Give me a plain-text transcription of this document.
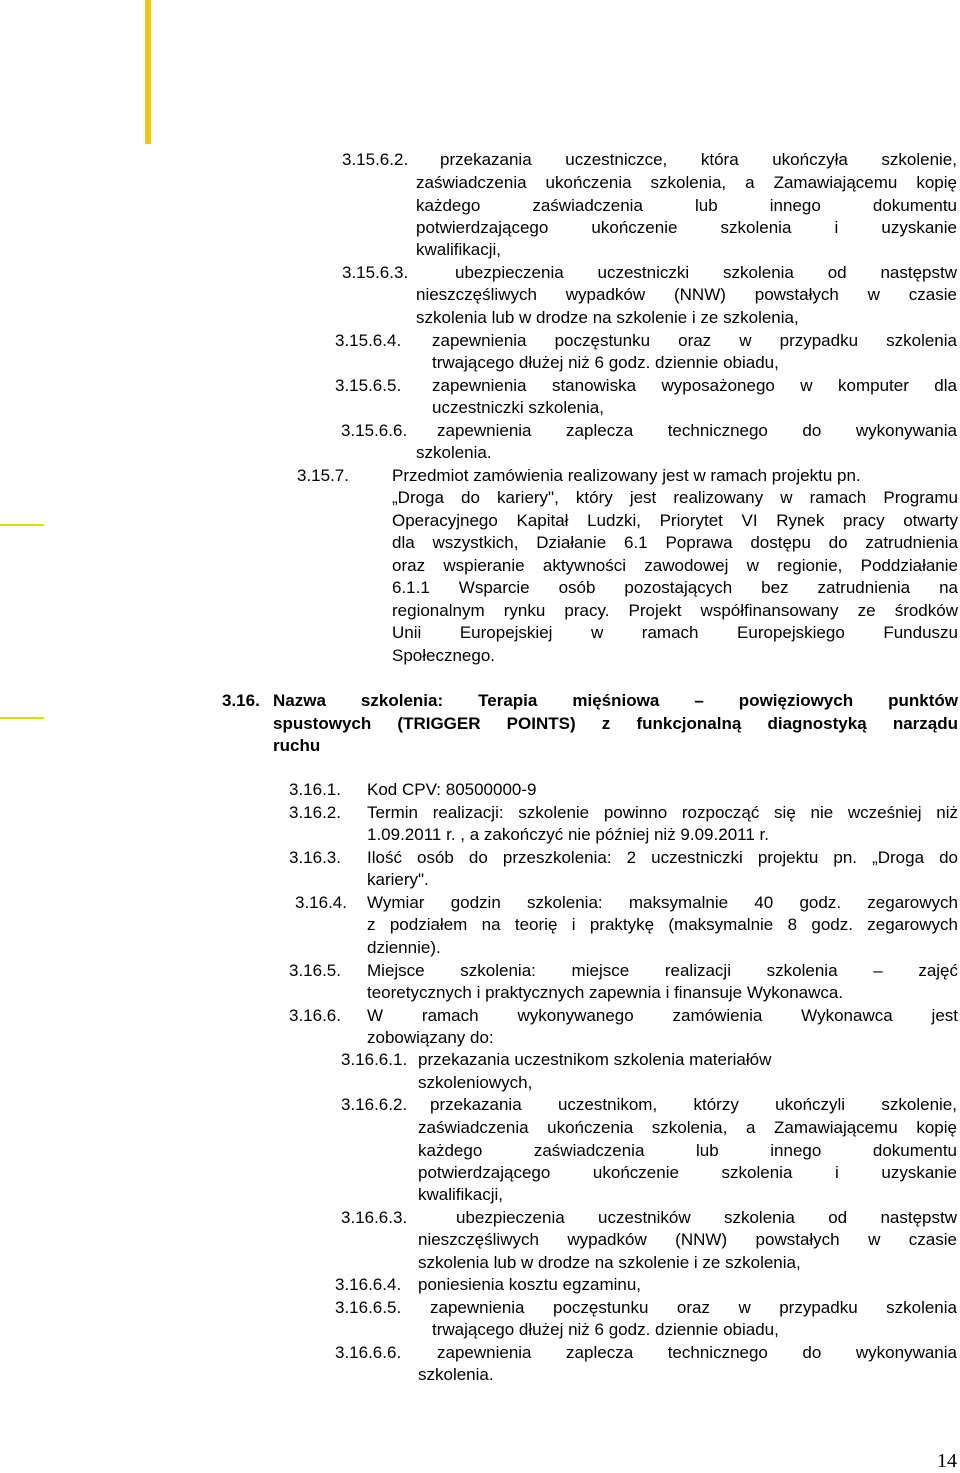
3.15.6.2. przekazania uczestniczce, która ukończyła szkolenie,
zaświadczenia ukończenia szkolenia, a Zamawiającemu kopię
każdego zaświadczenia lub innego dokumentu
potwierdzającego ukończenie szkolenia i uzyskanie
kwalifikacji,
3.15.6.3.	ubezpieczenia uczestniczki szkolenia od następstw
nieszczęśliwych wypadków (NNW) powstałych w czasie
szkolenia lub w drodze na szkolenie i ze szkolenia,
3.15.6.4. zapewnienia poczęstunku oraz w przypadku szkolenia
trwającego dłużej niż 6 godz. dziennie obiadu,
3.15.6.5. zapewnienia stanowiska wyposażonego w komputer dla
uczestniczki szkolenia,
3.15.6.6. zapewnienia zaplecza technicznego do wykonywania
szkolenia.
3.15.7.	Przedmiot zamówienia realizowany jest w ramach projektu pn.
„Droga do kariery", który jest realizowany w ramach Programu
Operacyjnego Kapitał Ludzki, Priorytet VI Rynek pracy otwarty
dla wszystkich, Działanie 6.1 Poprawa dostępu do zatrudnienia
oraz wspieranie aktywności zawodowej w regionie, Poddziałanie
6.1.1 Wsparcie osób pozostających bez zatrudnienia na
regionalnym rynku pracy. Projekt współfinansowany ze środków
Unii Europejskiej w ramach Europejskiego Funduszu
Społecznego.
3.16. Nazwa szkolenia: Terapia mięśniowa – powięziowych punktów
spustowych (TRIGGER POINTS) z funkcjonalną diagnostyką narządu
ruchu
3.16.1. Kod CPV: 80500000-9
3.16.2. Termin realizacji: szkolenie powinno rozpocząć się nie wcześniej niż
1.09.2011 r. , a zakończyć nie później niż 9.09.2011 r.
3.16.3. Ilość osób do przeszkolenia: 2 uczestniczki projektu pn. „Droga do
kariery".
3.16.4. Wymiar godzin szkolenia: maksymalnie 40 godz. zegarowych
z podziałem na teorię i praktykę (maksymalnie 8 godz. zegarowych
dziennie).
3.16.5. Miejsce szkolenia: miejsce realizacji szkolenia – zajęć
teoretycznych i praktycznych zapewnia i finansuje Wykonawca.
3.16.6. W ramach wykonywanego zamówienia Wykonawca jest
zobowiązany do:
3.16.6.1. przekazania uczestnikom szkolenia materiałów
szkoleniowych,
3.16.6.2. przekazania uczestnikom, którzy ukończyli szkolenie,
zaświadczenia ukończenia szkolenia, a Zamawiającemu kopię
każdego zaświadczenia lub innego dokumentu
potwierdzającego ukończenie szkolenia i uzyskanie
kwalifikacji,
3.16.6.3.	ubezpieczenia uczestników szkolenia od następstw
nieszczęśliwych wypadków (NNW) powstałych w czasie
szkolenia lub w drodze na szkolenie i ze szkolenia,
3.16.6.4. poniesienia kosztu egzaminu,
3.16.6.5. zapewnienia poczęstunku oraz w przypadku szkolenia
trwającego dłużej niż 6 godz. dziennie obiadu,
3.16.6.6. zapewnienia zaplecza technicznego do wykonywania
szkolenia.
14
